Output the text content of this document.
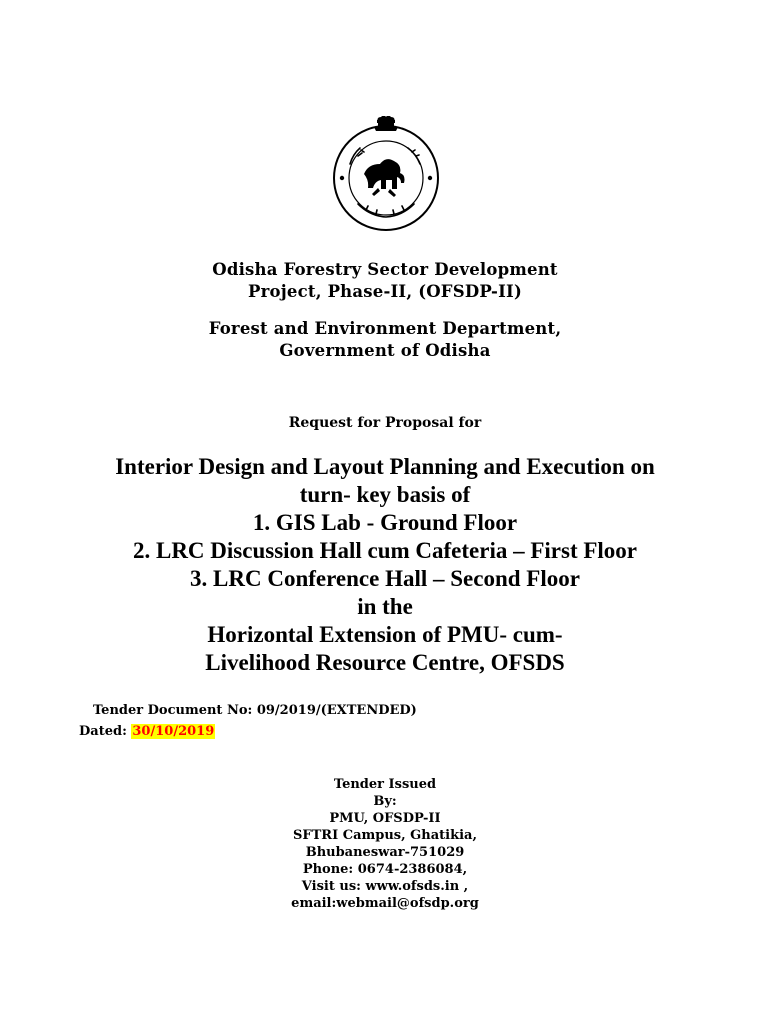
Odisha Forestry Sector Development
Project, Phase-II, (OFSDP-II)
Forest and Environment Department,
Government of Odisha
Request for Proposal for
Interior Design and Layout Planning and Execution on
turn- key basis of
1. GIS Lab - Ground Floor
2. LRC Discussion Hall cum Cafeteria – First Floor
3. LRC Conference Hall – Second Floor
in the
Horizontal Extension of PMU- cum-
Livelihood Resource Centre, OFSDS
Tender Document No: 09/2019/(EXTENDED)
Dated: 30/10/2019
Tender Issued
By:
PMU, OFSDP-II
SFTRI Campus, Ghatikia,
Bhubaneswar-751029
Phone: 0674-2386084,
Visit us: www.ofsds.in ,
email:webmail@ofsdp.org
